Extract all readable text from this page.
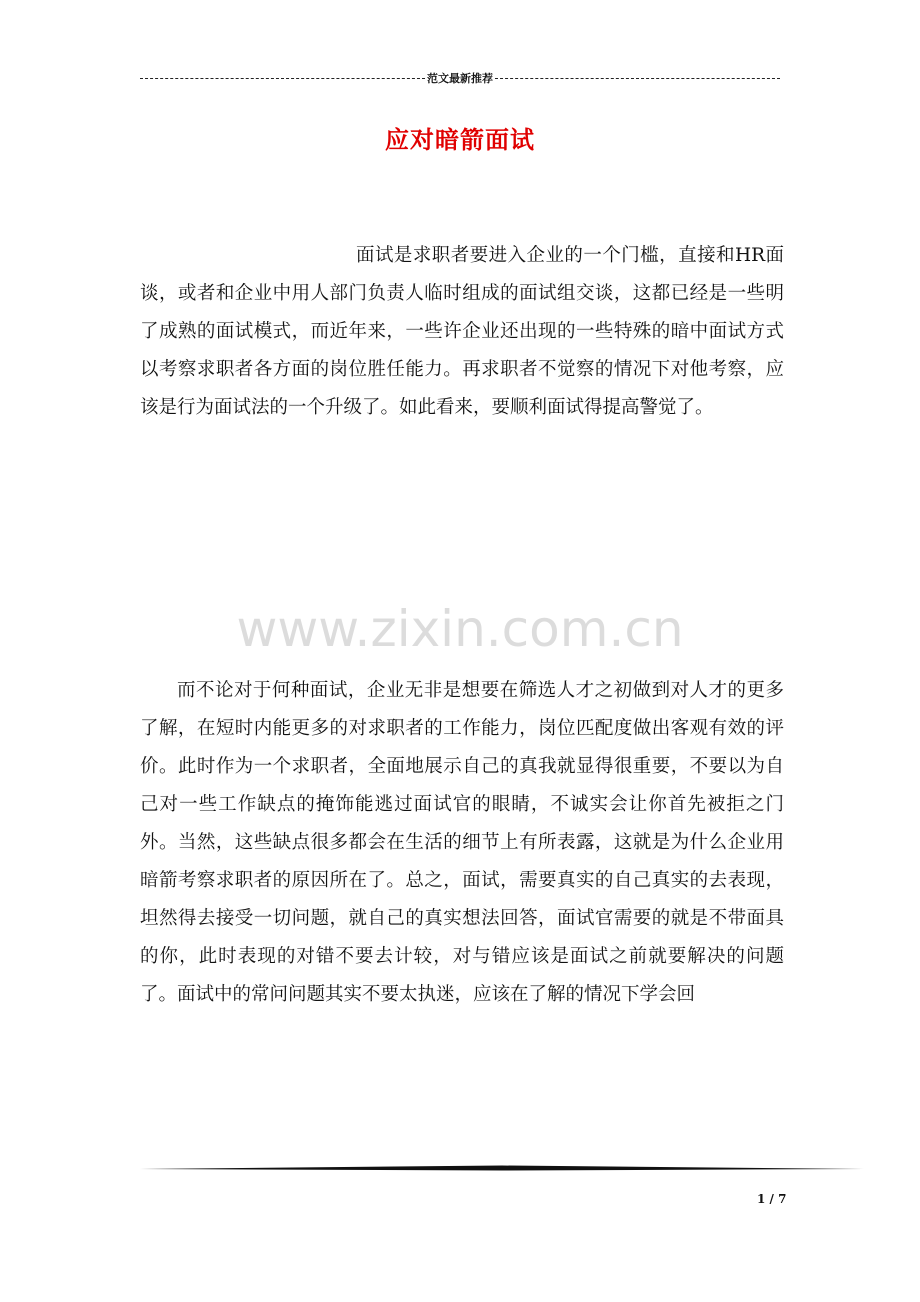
范文最新推荐
应对暗箭面试

面试是求职者要进入企业的一个门槛，直接和HR面谈，或者和企业中用人部门负责人临时组成的面试组交谈，这都已经是一些明了成熟的面试模式，而近年来，一些许企业还出现的一些特殊的暗中面试方式以考察求职者各方面的岗位胜任能力。再求职者不觉察的情况下对他考察，应该是行为面试法的一个升级了。如此看来，要顺利面试得提高警觉了。

www.zixin.com.cn

而不论对于何种面试，企业无非是想要在筛选人才之初做到对人才的更多了解，在短时内能更多的对求职者的工作能力，岗位匹配度做出客观有效的评价。此时作为一个求职者，全面地展示自己的真我就显得很重要，不要以为自己对一些工作缺点的掩饰能逃过面试官的眼睛，不诚实会让你首先被拒之门外。当然，这些缺点很多都会在生活的细节上有所表露，这就是为什么企业用暗箭考察求职者的原因所在了。总之，面试，需要真实的自己真实的去表现，坦然得去接受一切问题，就自己的真实想法回答，面试官需要的就是不带面具的你，此时表现的对错不要去计较，对与错应该是面试之前就要解决的问题了。面试中的常问问题其实不要太执迷，应该在了解的情况下学会回

1 / 7
